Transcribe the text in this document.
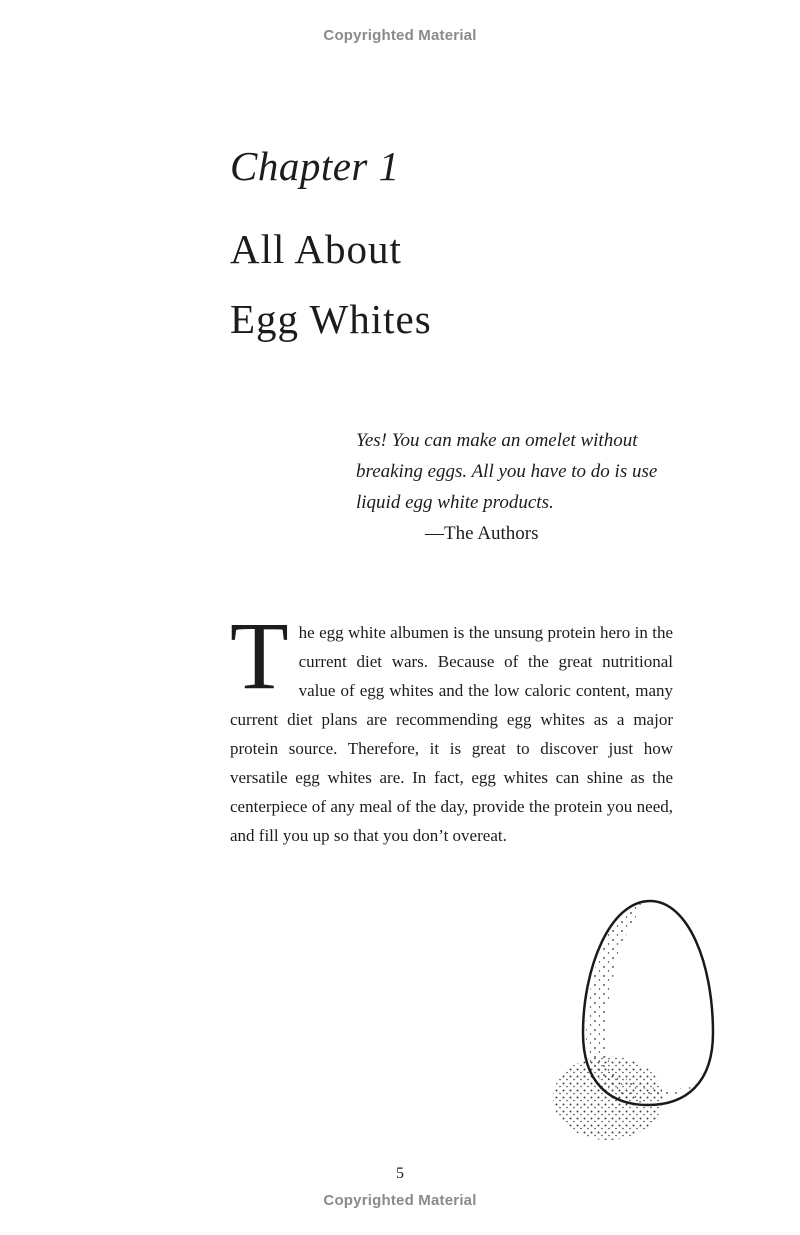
Copyrighted Material
Chapter 1
All About
Egg Whites

Yes! You can make an omelet without breaking eggs. All you have to do is use liquid egg white products.

—The Authors

The egg white albumen is the unsung protein hero in the current diet wars. Because of the great nutritional value of egg whites and the low caloric content, many current diet plans are recommending egg whites as a major protein source. Therefore, it is great to discover just how versatile egg whites are. In fact, egg whites can shine as the centerpiece of any meal of the day, provide the protein you need, and fill you up so that you don’t overeat.

5
Copyrighted Material
